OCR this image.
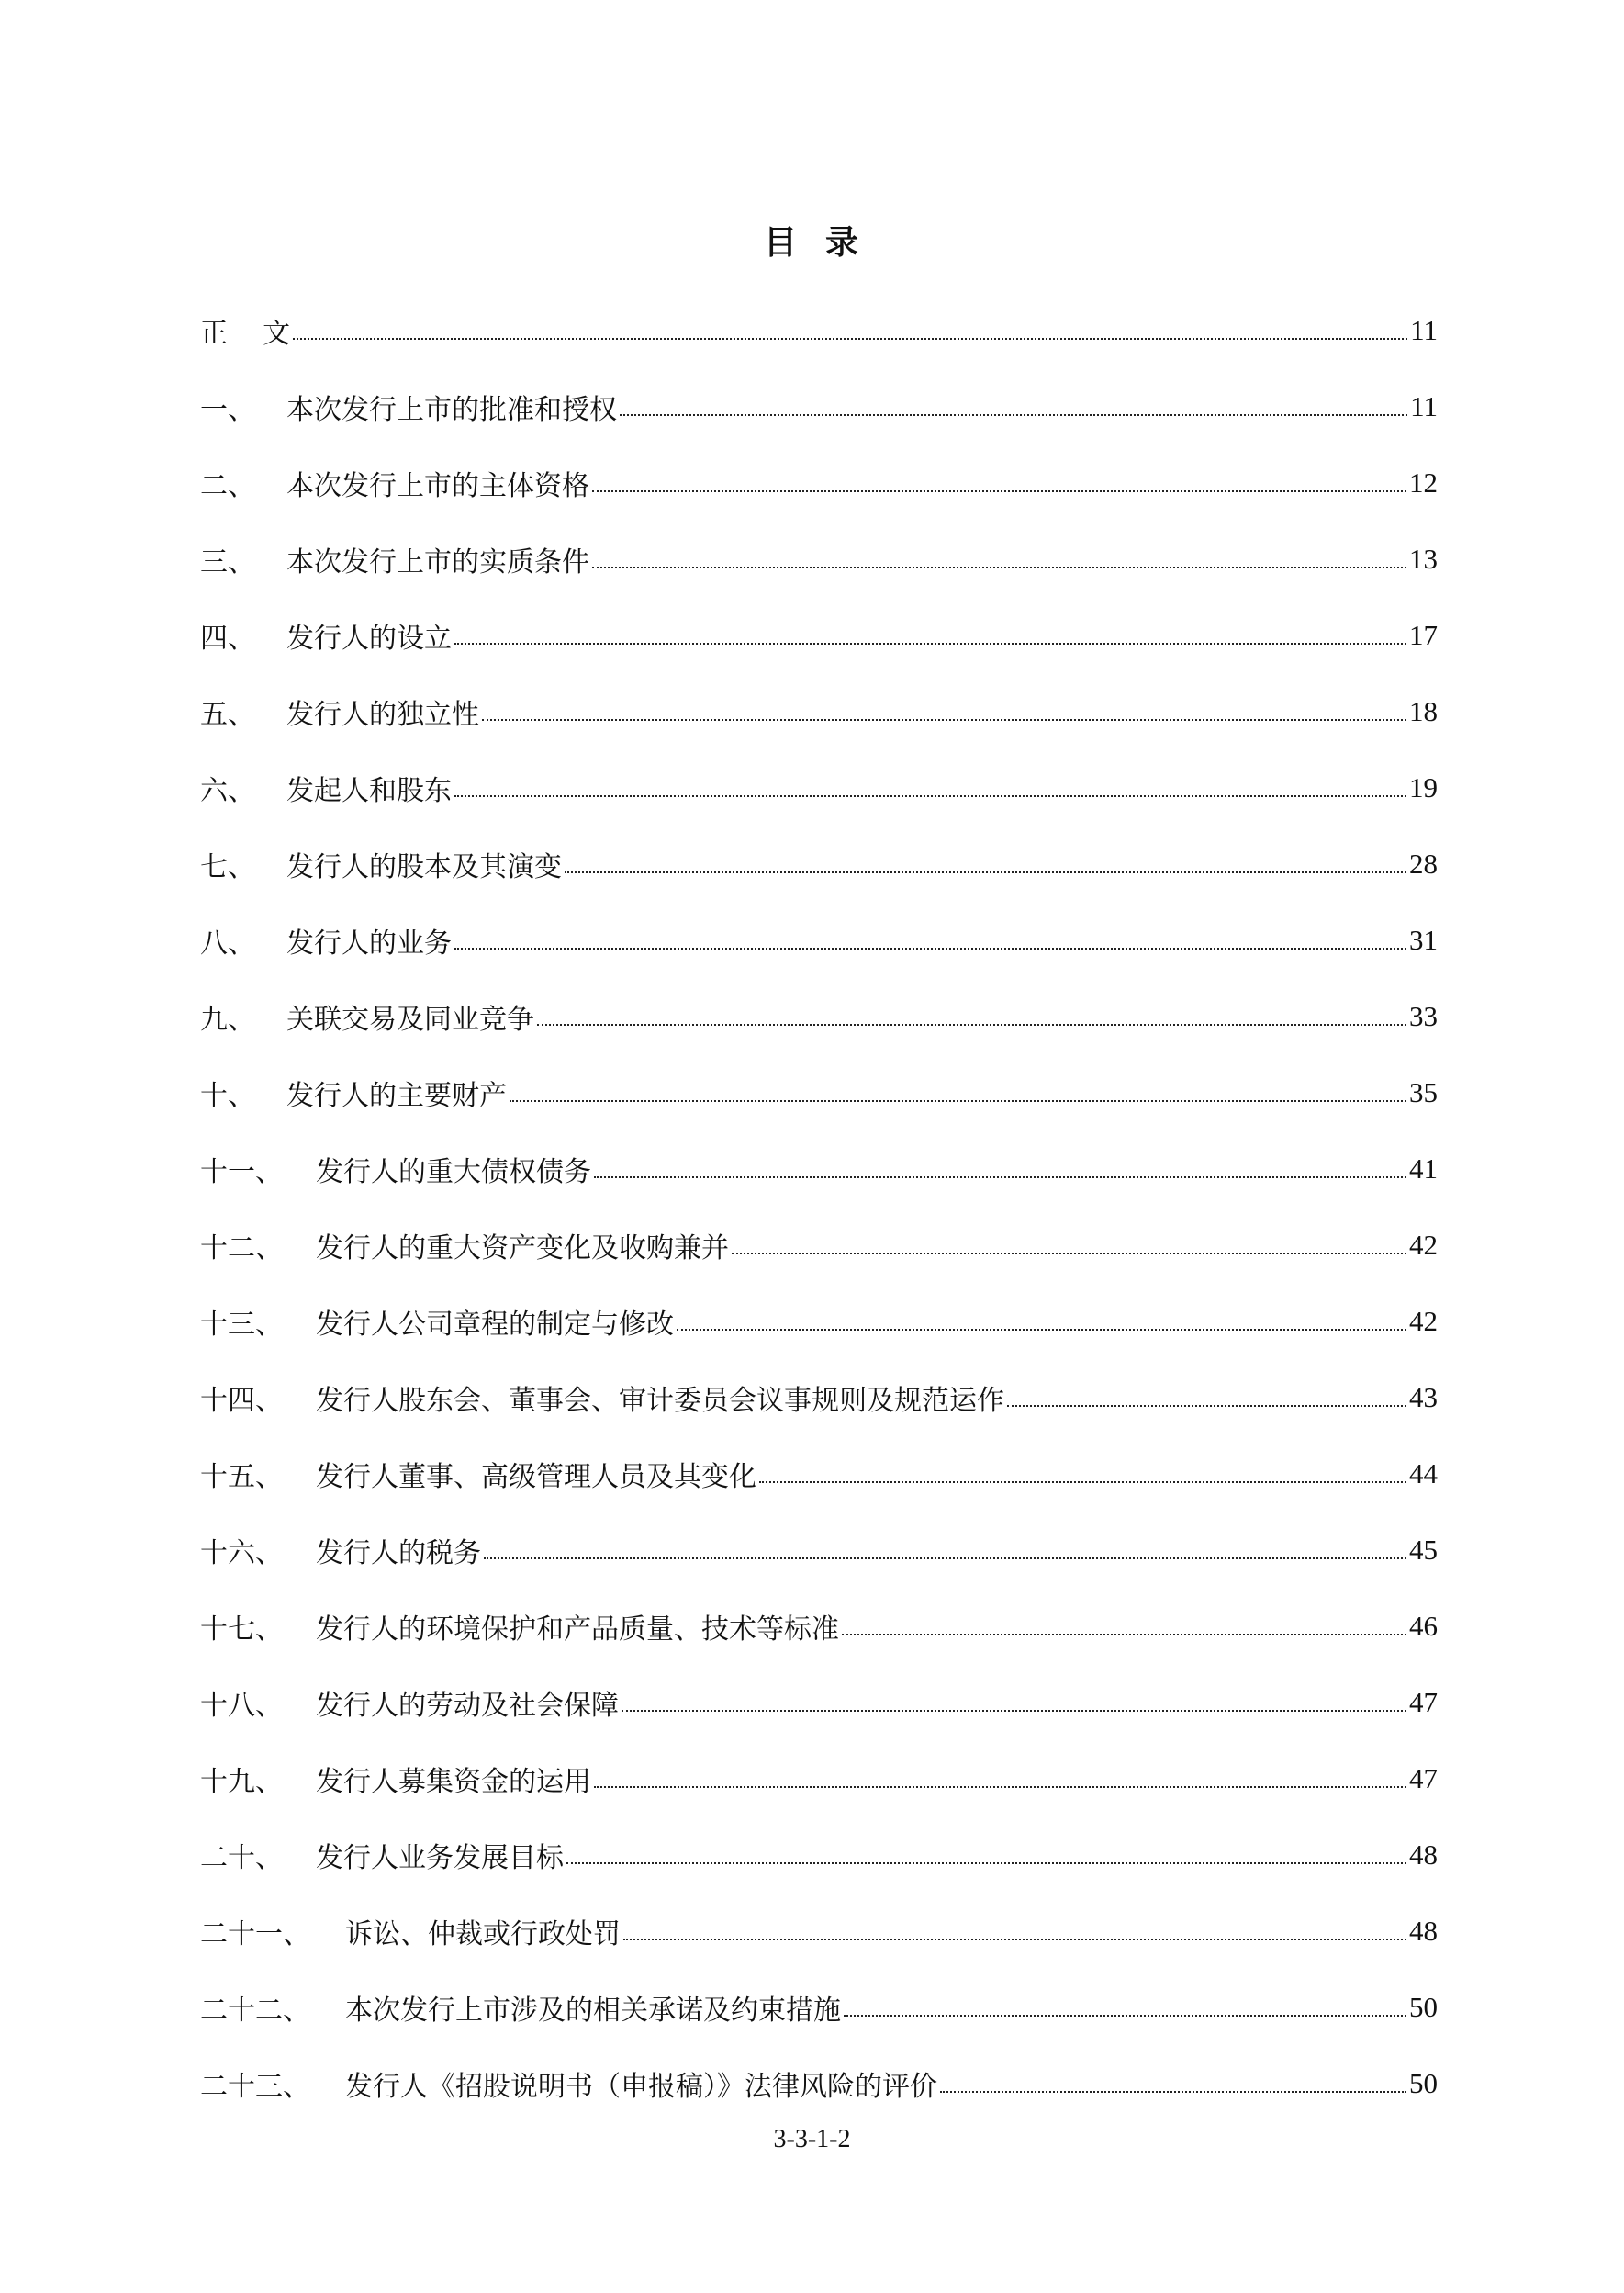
目  录
正    文	11
一、	本次发行上市的批准和授权	11
二、	本次发行上市的主体资格	12
三、	本次发行上市的实质条件	13
四、	发行人的设立	17
五、	发行人的独立性	18
六、	发起人和股东	19
七、	发行人的股本及其演变	28
八、	发行人的业务	31
九、	关联交易及同业竞争	33
十、	发行人的主要财产	35
十一、	发行人的重大债权债务	41
十二、	发行人的重大资产变化及收购兼并	42
十三、	发行人公司章程的制定与修改	42
十四、	发行人股东会、董事会、审计委员会议事规则及规范运作	43
十五、	发行人董事、高级管理人员及其变化	44
十六、	发行人的税务	45
十七、	发行人的环境保护和产品质量、技术等标准	46
十八、	发行人的劳动及社会保障	47
十九、	发行人募集资金的运用	47
二十、	发行人业务发展目标	48
二十一、	诉讼、仲裁或行政处罚	48
二十二、	本次发行上市涉及的相关承诺及约束措施	50
二十三、	发行人《招股说明书（申报稿）》法律风险的评价	50
3-3-1-2
